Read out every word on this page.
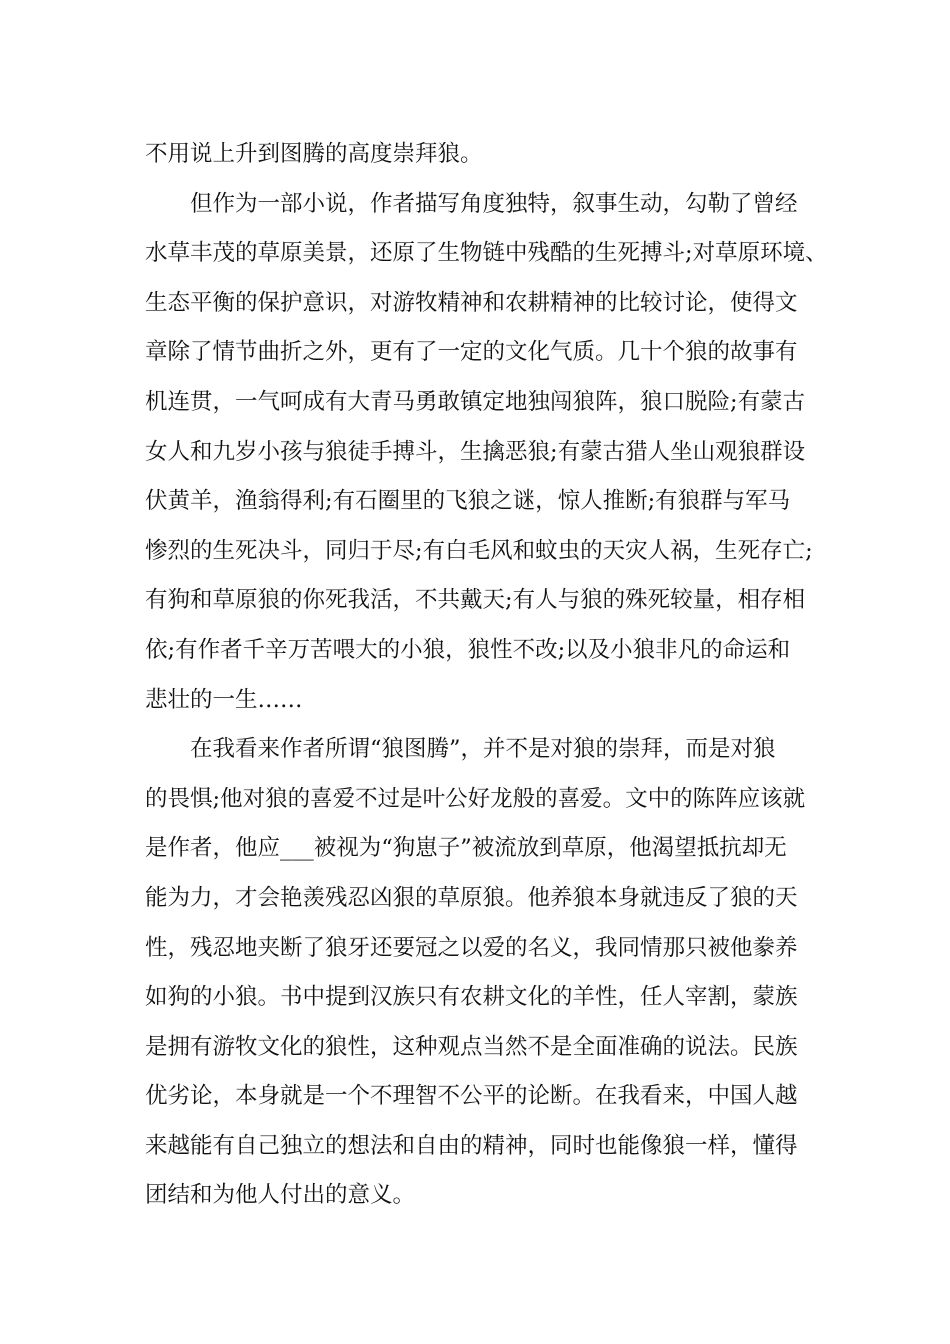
不用说上升到图腾的高度崇拜狼。
但作为一部小说，作者描写角度独特，叙事生动，勾勒了曾经
水草丰茂的草原美景，还原了生物链中残酷的生死搏斗;对草原环境、
生态平衡的保护意识，对游牧精神和农耕精神的比较讨论，使得文
章除了情节曲折之外，更有了一定的文化气质。几十个狼的故事有
机连贯，一气呵成有大青马勇敢镇定地独闯狼阵，狼口脱险;有蒙古
女人和九岁小孩与狼徒手搏斗，生擒恶狼;有蒙古猎人坐山观狼群设
伏黄羊，渔翁得利;有石圈里的飞狼之谜，惊人推断;有狼群与军马
惨烈的生死决斗，同归于尽;有白毛风和蚊虫的天灾人祸，生死存亡;
有狗和草原狼的你死我活，不共戴天;有人与狼的殊死较量，相存相
依;有作者千辛万苦喂大的小狼，狼性不改;以及小狼非凡的命运和
悲壮的一生……
在我看来作者所谓“狼图腾”，并不是对狼的崇拜，而是对狼
的畏惧;他对狼的喜爱不过是叶公好龙般的喜爱。文中的陈阵应该就
是作者，他应___被视为“狗崽子”被流放到草原，他渴望抵抗却无
能为力，才会艳羡残忍凶狠的草原狼。他养狼本身就违反了狼的天
性，残忍地夹断了狼牙还要冠之以爱的名义，我同情那只被他豢养
如狗的小狼。书中提到汉族只有农耕文化的羊性，任人宰割，蒙族
是拥有游牧文化的狼性，这种观点当然不是全面准确的说法。民族
优劣论，本身就是一个不理智不公平的论断。在我看来，中国人越
来越能有自己独立的想法和自由的精神，同时也能像狼一样，懂得
团结和为他人付出的意义。
